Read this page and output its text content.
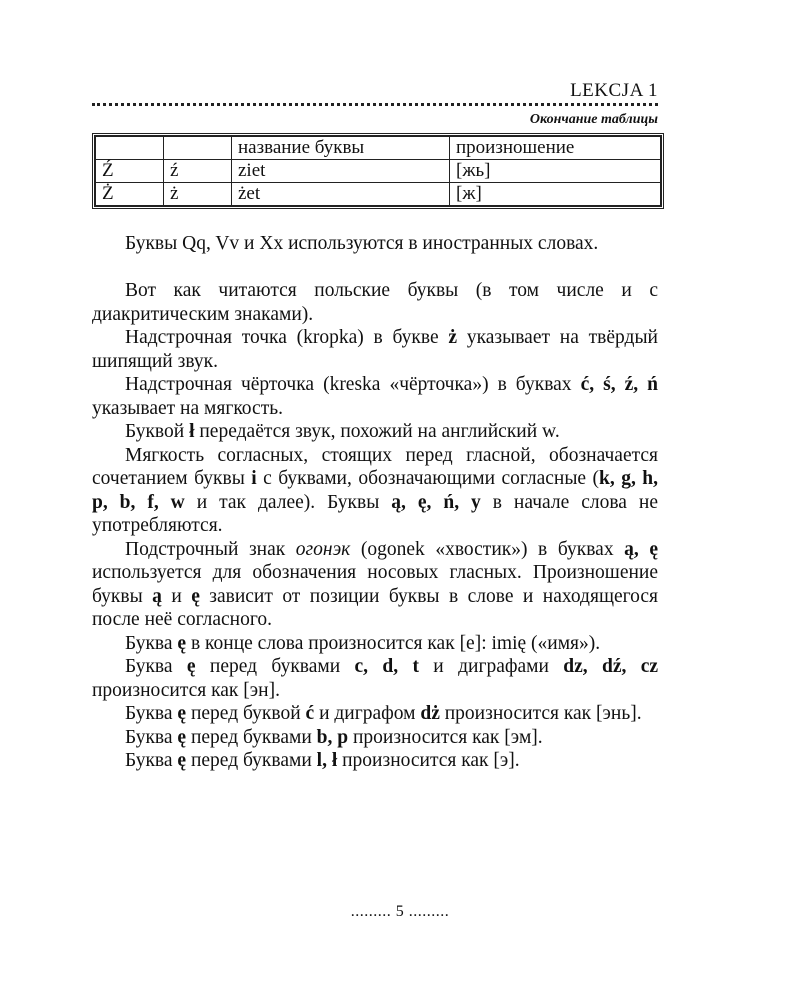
LEKCJA 1
Окончание таблицы
		название буквы	произношение
Ź	ź	ziet	[жь]
Ż	ż	żet	[ж]

Буквы Qq, Vv и Xx используются в иностранных словах.

Вот как читаются польские буквы (в том числе и с диакритическим знаками).

Надстрочная точка (kropka) в букве ż указывает на твёрдый шипящий звук.

Надстрочная чёрточка (kreska «чёрточка») в буквах ć, ś, ź, ń указывает на мягкость.

Буквой ł передаётся звук, похожий на английский w.

Мягкость согласных, стоящих перед гласной, обозначается сочетанием буквы i с буквами, обозначающими согласные (k, g, h, p, b, f, w и так далее). Буквы ą, ę, ń, y в начале слова не употребляются.

Подстрочный знак огонэк (ogonek «хвостик») в буквах ą, ę используется для обозначения носовых гласных. Произношение буквы ą и ę зависит от позиции буквы в слове и находящегося после неё согласного.

Буква ę в конце слова произносится как [е]: imię («имя»).

Буква ę перед буквами c, d, t и диграфами dz, dź, cz произносится как [эн].

Буква ę перед буквой ć и диграфом dż произносится как [энь].

Буква ę перед буквами b, p произносится как [эм].

Буква ę перед буквами l, ł произносится как [э].

......... 5 .........
